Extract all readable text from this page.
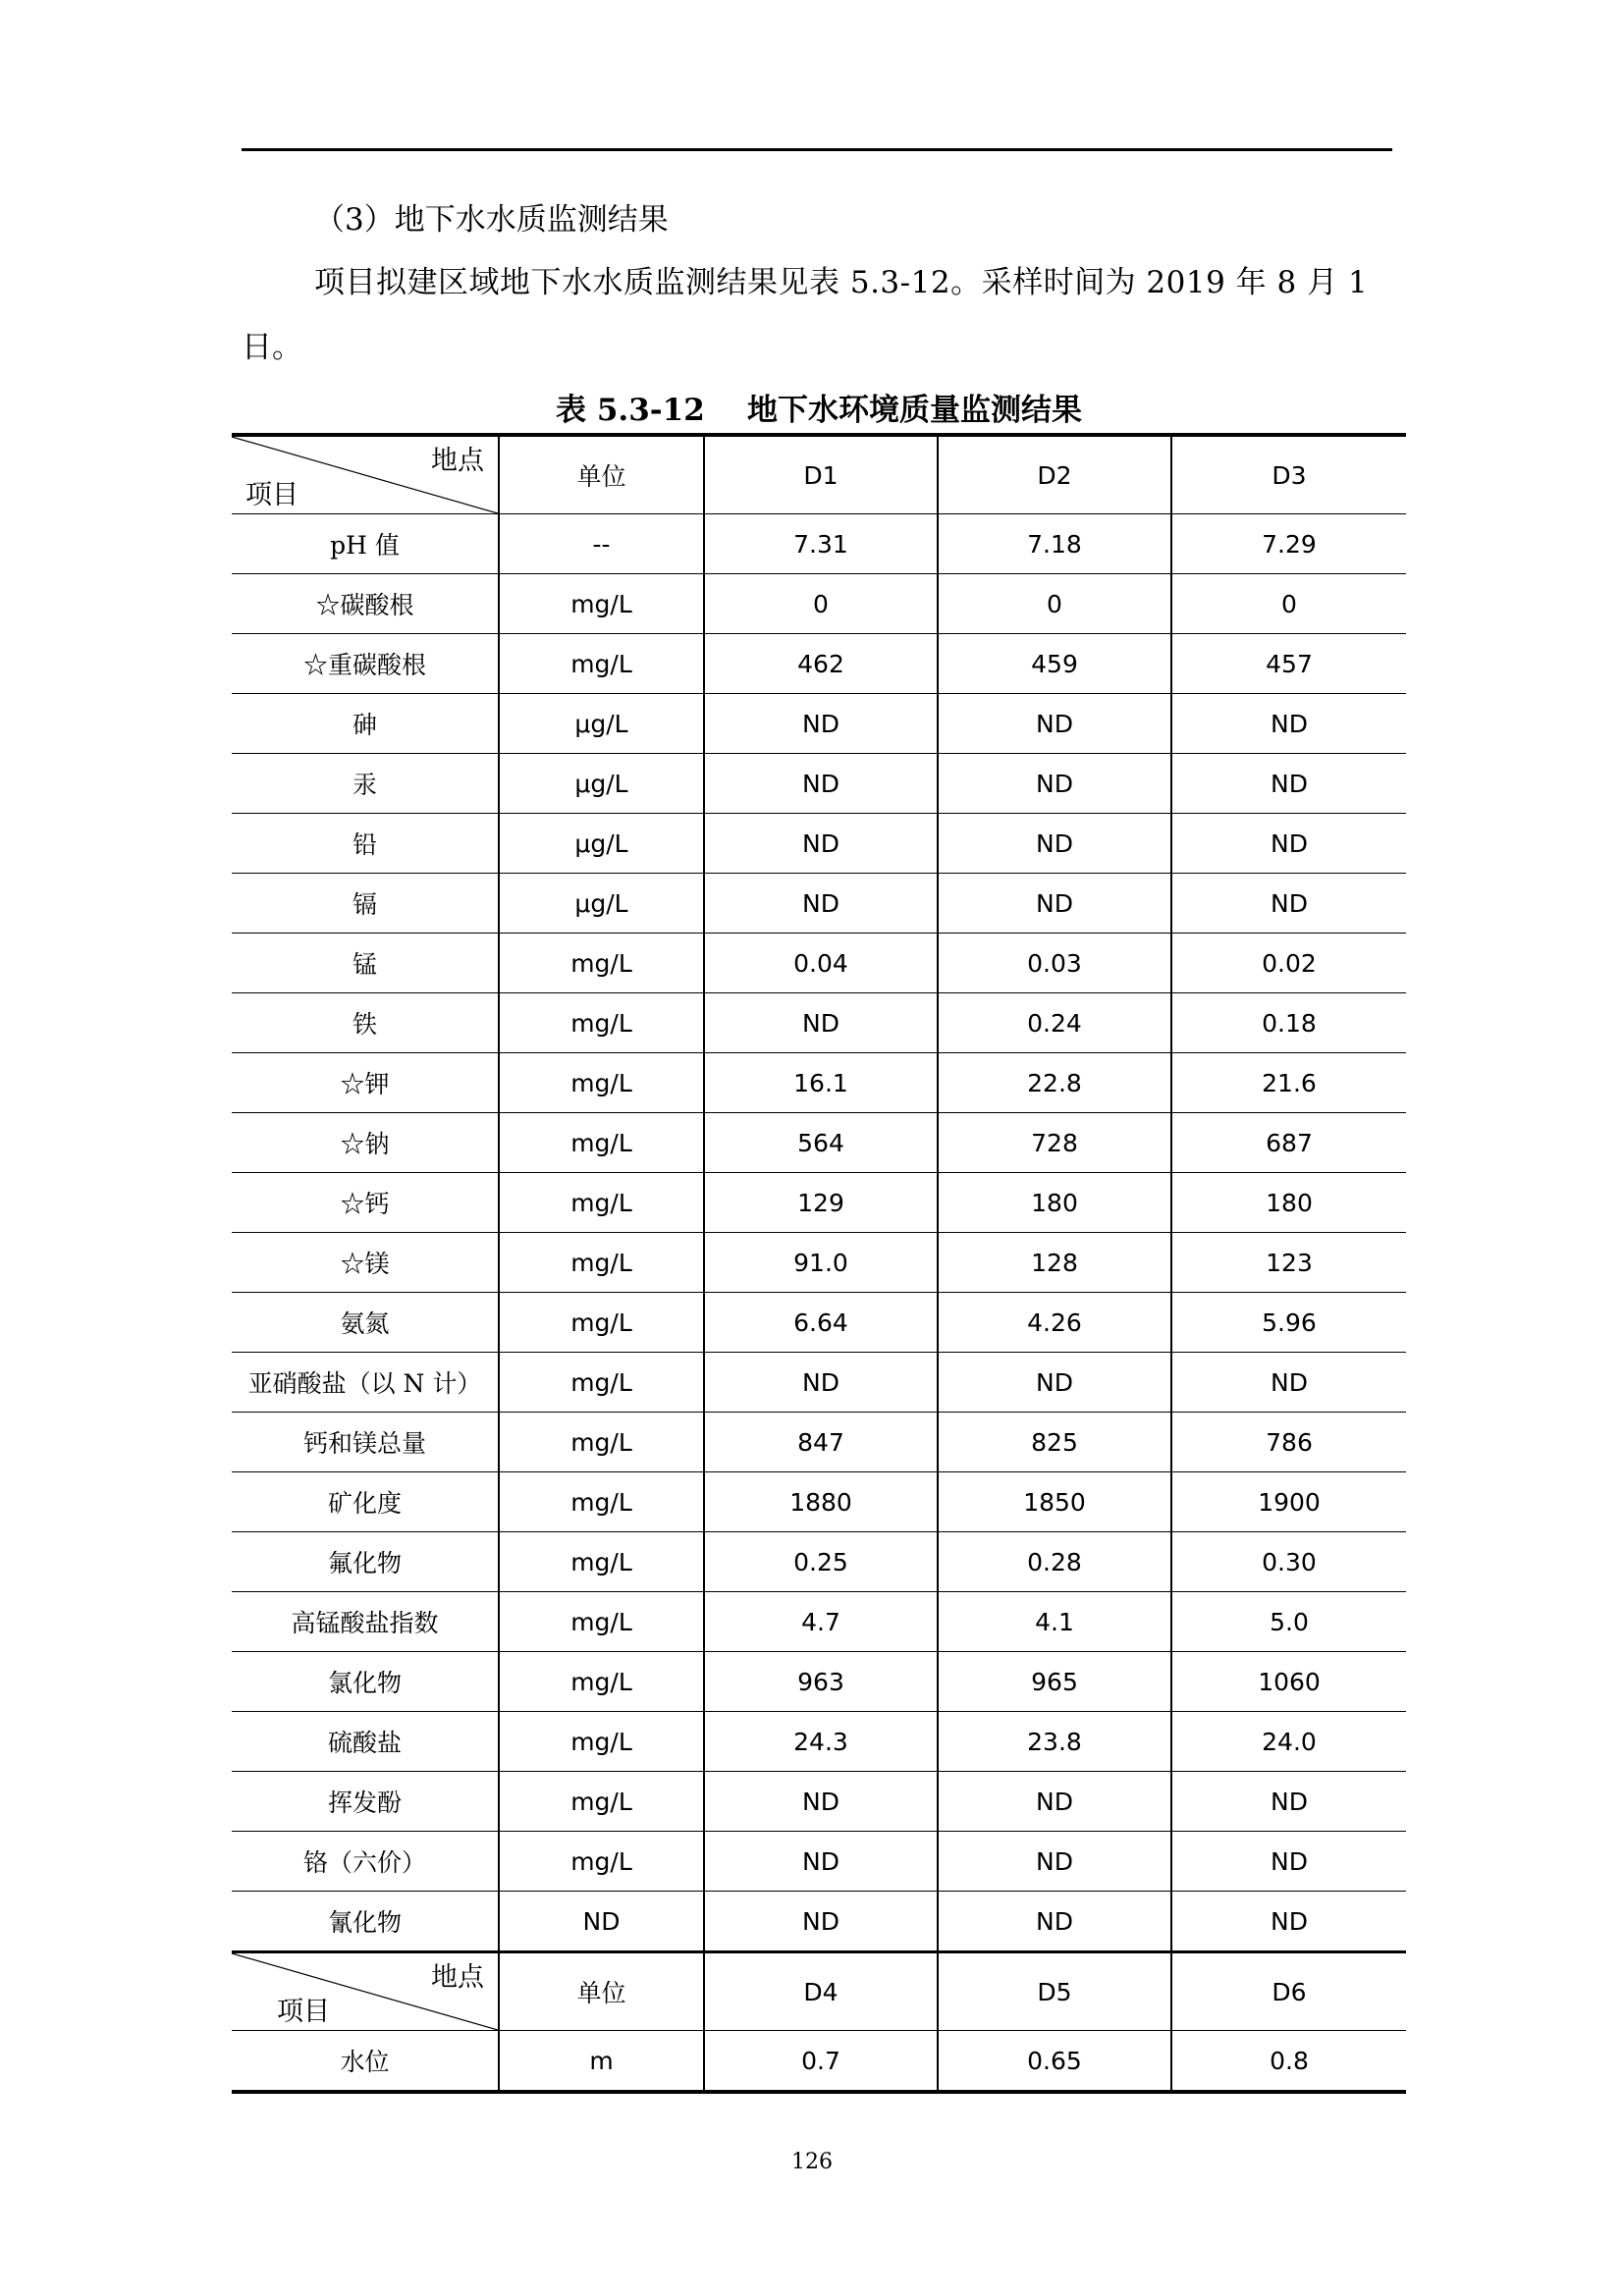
（3）地下水水质监测结果
项目拟建区域地下水水质监测结果见表 5.3-12。采样时间为 2019 年 8 月 1
日。
表 5.3-12    地下水环境质量监测结果
地点
项目	单位	D1	D2	D3
pH 值	--	7.31	7.18	7.29
☆碳酸根	mg/L	0	0	0
☆重碳酸根	mg/L	462	459	457
砷	μg/L	ND	ND	ND
汞	μg/L	ND	ND	ND
铅	μg/L	ND	ND	ND
镉	μg/L	ND	ND	ND
锰	mg/L	0.04	0.03	0.02
铁	mg/L	ND	0.24	0.18
☆钾	mg/L	16.1	22.8	21.6
☆钠	mg/L	564	728	687
☆钙	mg/L	129	180	180
☆镁	mg/L	91.0	128	123
氨氮	mg/L	6.64	4.26	5.96
亚硝酸盐（以 N 计）	mg/L	ND	ND	ND
钙和镁总量	mg/L	847	825	786
矿化度	mg/L	1880	1850	1900
氟化物	mg/L	0.25	0.28	0.30
高锰酸盐指数	mg/L	4.7	4.1	5.0
氯化物	mg/L	963	965	1060
硫酸盐	mg/L	24.3	23.8	24.0
挥发酚	mg/L	ND	ND	ND
铬（六价）	mg/L	ND	ND	ND
氰化物	ND	ND	ND	ND

地点
项目	单位	D4	D5	D6
水位	m	0.7	0.65	0.8
126
